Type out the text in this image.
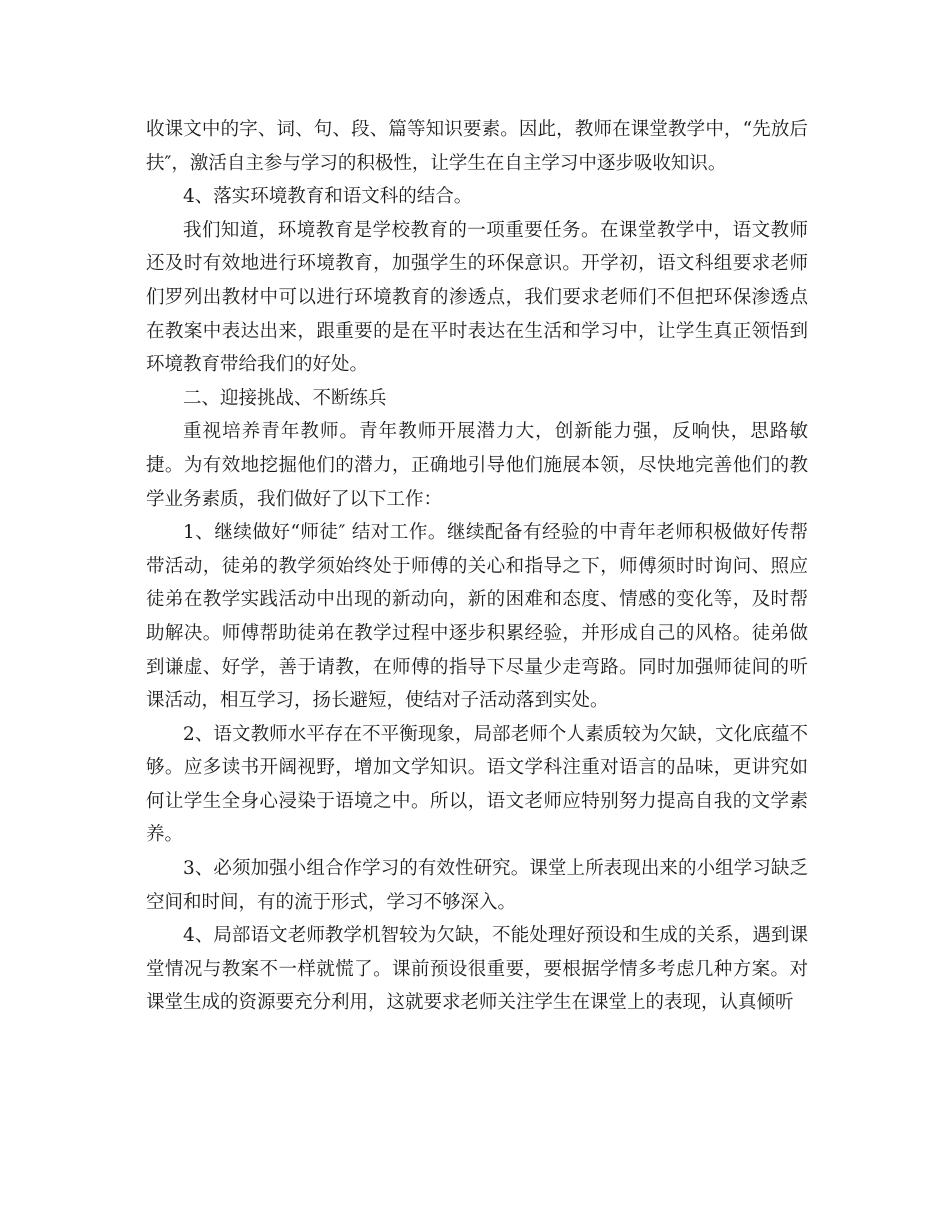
收课文中的字、词、句、段、篇等知识要素。因此，教师在课堂教学中，“先放后扶″，激活自主参与学习的积极性，让学生在自主学习中逐步吸收知识。

4、落实环境教育和语文科的结合。

我们知道，环境教育是学校教育的一项重要任务。在课堂教学中，语文教师还及时有效地进行环境教育，加强学生的环保意识。开学初，语文科组要求老师们罗列出教材中可以进行环境教育的渗透点，我们要求老师们不但把环保渗透点在教案中表达出来，跟重要的是在平时表达在生活和学习中，让学生真正领悟到环境教育带给我们的好处。

二、迎接挑战、不断练兵

重视培养青年教师。青年教师开展潜力大，创新能力强，反响快，思路敏捷。为有效地挖掘他们的潜力，正确地引导他们施展本领，尽快地完善他们的教学业务素质，我们做好了以下工作：

1、继续做好“师徒″ 结对工作。继续配备有经验的中青年老师积极做好传帮带活动，徒弟的教学须始终处于师傅的关心和指导之下，师傅须时时询问、照应徒弟在教学实践活动中出现的新动向，新的困难和态度、情感的变化等，及时帮助解决。师傅帮助徒弟在教学过程中逐步积累经验，并形成自己的风格。徒弟做到谦虚、好学，善于请教，在师傅的指导下尽量少走弯路。同时加强师徒间的听课活动，相互学习，扬长避短，使结对子活动落到实处。

2、语文教师水平存在不平衡现象，局部老师个人素质较为欠缺，文化底蕴不够。应多读书开阔视野，增加文学知识。语文学科注重对语言的品味，更讲究如何让学生全身心浸染于语境之中。所以，语文老师应特别努力提高自我的文学素养。

3、必须加强小组合作学习的有效性研究。课堂上所表现出来的小组学习缺乏空间和时间，有的流于形式，学习不够深入。

4、局部语文老师教学机智较为欠缺，不能处理好预设和生成的关系，遇到课堂情况与教案不一样就慌了。课前预设很重要，要根据学情多考虑几种方案。对课堂生成的资源要充分利用，这就要求老师关注学生在课堂上的表现，认真倾听
